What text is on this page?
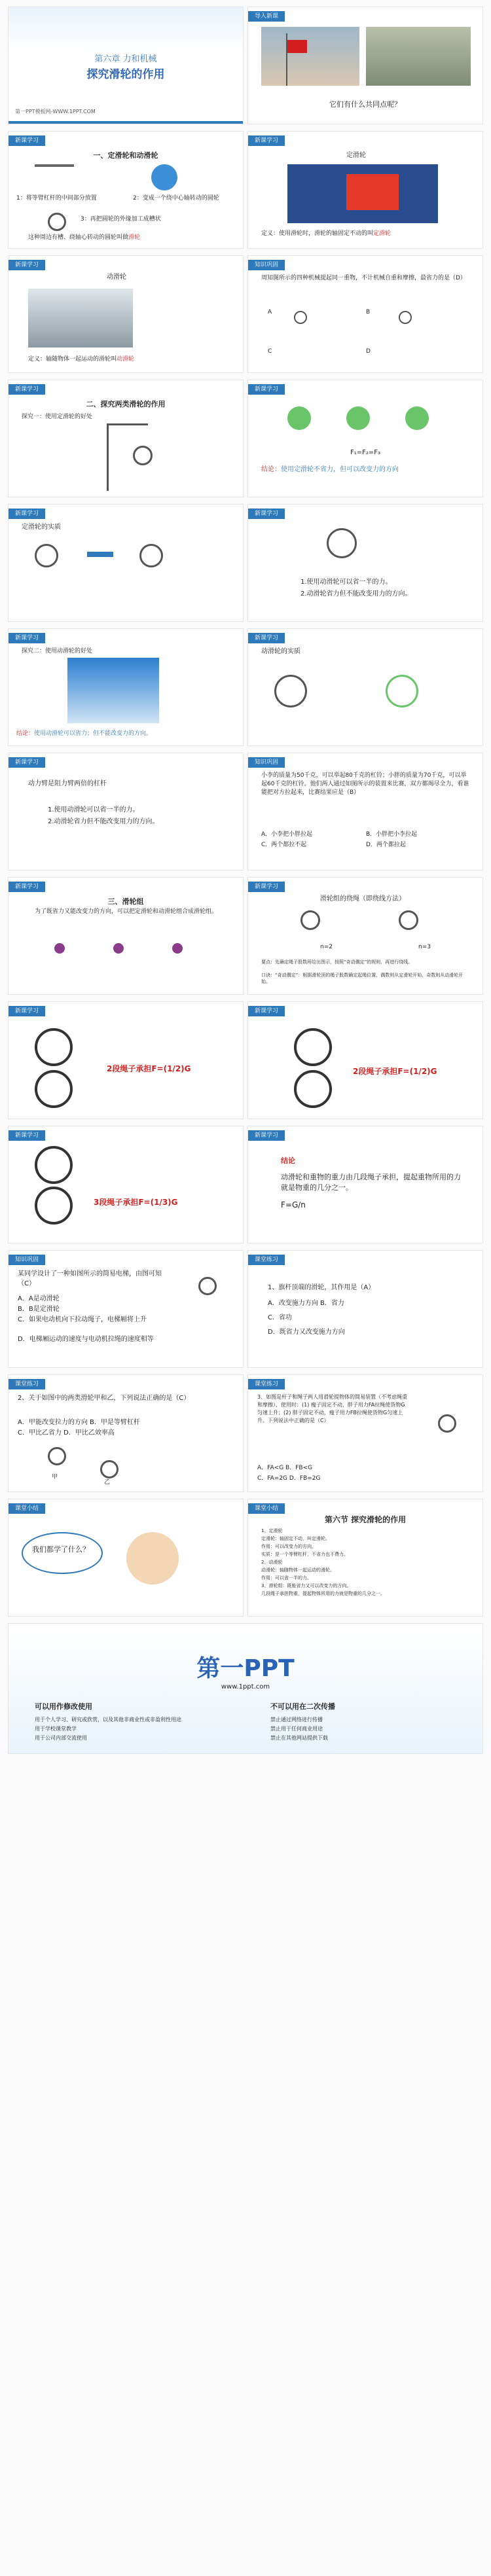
第六章 力和机械
探究滑轮的作用
第一PPT模板网-WWW.1PPT.COM
导入新课
它们有什么共同点呢？
新课学习
一、定滑轮和动滑轮
1：将等臂杠杆的中间部分放置	2：变成一个绕中心轴转动的圆轮
3：再把圆轮的外缘加工成槽状
这种周边有槽、绕轴心转动的圆轮叫做滑轮
新课学习
定滑轮
定义：使用滑轮时，滑轮的轴固定不动的叫定滑轮
新课学习
动滑轮
定义：轴随物体一起运动的滑轮叫动滑轮
知识巩固
周知图所示的四种机械提起同一重物，不计机械自重和摩擦，最省力的是（D）
A	B
C	D
新课学习
二、探究两类滑轮的作用
探究一：使用定滑轮的好处
新课学习
F₁=F₂=F₃
结论：使用定滑轮不省力，但可以改变力的方向
新课学习
定滑轮的实质
新课学习
1.使用动滑轮可以省一半的力。
2.动滑轮省力但不能改变用力的方向。
新课学习
探究二：使用动滑轮的好处
结论：使用动滑轮可以省力；但不能改变力的方向。
新课学习
动滑轮的实质
新课学习
动力臂是阻力臂两倍的杠杆
1.使用动滑轮可以省一半的力。
2.动滑轮省力但不能改变用力的方向。
知识巩固
小李的质量为50千克，可以举起80千克的杠铃；小胖的质量为70千克，可以举起60千克的杠铃。他们两人通过如图所示的装置来比赛，双方都竭尽全力，看谁能把对方拉起来，比赛结果应是（B）
A．小李把小胖拉起	B．小胖把小李拉起
C．两个都拉不起	D．两个都拉起
新课学习
三、滑轮组
为了既省力又能改变力的方向，可以把定滑轮和动滑轮组合成滑轮组。
新课学习
滑轮组的绕绳（即绕线方法）
n=2	n=3
要点：先确定绳子股数所给出图示，按照“奇动偶定”的规则，再进行绕线。
口诀：“奇动偶定”：根据滑轮顶的绳子股数确定起绳位置，偶数则从定滑轮开始，奇数则从动滑轮开始。
新课学习
2段绳子承担F=(1/2)G
新课学习
2段绳子承担F=(1/2)G
新课学习
3段绳子承担F=(1/3)G
新课学习
结论
动滑轮和重物的重力由几段绳子承担，提起重物所用的力就是物重的几分之一。
F=G/n
知识巩固
某同学设计了一种如图所示的简易电梯，由图可知（C）
A．A是动滑轮
B．B是定滑轮
C．如果电动机向下拉动绳子，电梯厢将上升
D．电梯厢运动的速度与电动机拉绳的速度相等
课堂练习
1、旗杆顶端的滑轮，其作用是（A）
A．改变施力方向 B．省力
C．省功
D．既省力又改变施力方向
课堂练习
2、关于如图中的两类滑轮甲和乙，下列说法正确的是（C）
A．甲能改变拉力的方向 B．甲是等臂杠杆
C．甲比乙省力 D．甲比乙效率高
甲
乙
课堂练习
3、如图是杆子和绳子两人用滑轮提物体的简易装置（不考虑绳重和摩擦），使用时：(1) 瘦子固定不动，胖子用力FA拉绳使货物G匀速上升；(2) 胖子固定不动，瘦子用力FB拉绳使货物G匀速上升。下列说法中正确的是（C）
A．FA<G B．FB<G
C．FA=2G D．FB=2G
课堂小结
我们都学了什么？
课堂小结
第六节 探究滑轮的作用
1、定滑轮
定滑轮：轴固定不动，叫定滑轮。
作用：可以改变力的方向。
实质：是一个等臂杠杆，不省力也不费力。
2、动滑轮
动滑轮：轴随物体一起运动的滑轮。
作用：可以省一半的力。
3、滑轮组：既能省力又可以改变力的方向。
几段绳子承担物重，提起物体所用的力就是物重的几分之一。
第一PPT
www.1ppt.com
可以用作修改使用
用于个人学习、研究或欣赏，以及其他非商业性或非盈利性用途
用于学校课堂教学
用于公司内部交流使用
不可以用在二次传播
禁止通过网络进行传播
禁止用于任何商业用途
禁止在其他网站提供下载
